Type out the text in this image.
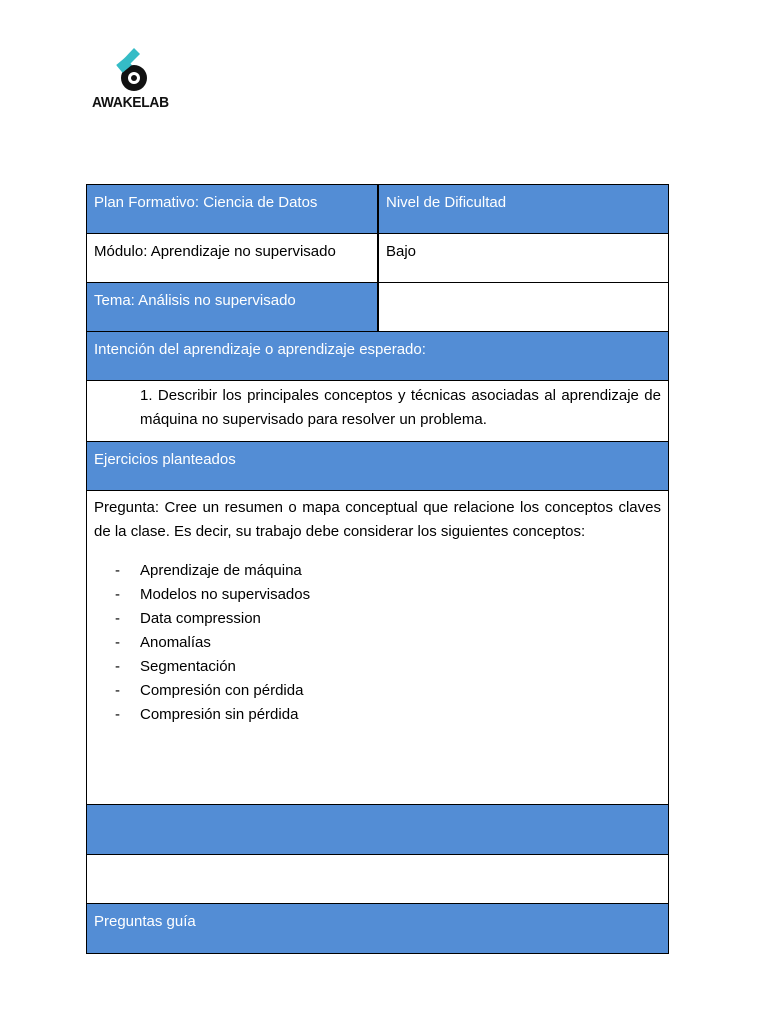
AWAKELAB
Plan Formativo: Ciencia de Datos	Nivel de Dificultad
Módulo: Aprendizaje no supervisado	Bajo
Tema: Análisis no supervisado
Intención del aprendizaje o aprendizaje esperado:
1. Describir los principales conceptos y técnicas asociadas al aprendizaje de máquina no supervisado para resolver un problema.
Ejercicios planteados

Pregunta: Cree un resumen o mapa conceptual que relacione los conceptos claves de la clase. Es decir, su trabajo debe considerar los siguientes conceptos:

- Aprendizaje de máquina
- Modelos no supervisados
- Data compression
- Anomalías
- Segmentación
- Compresión con pérdida
- Compresión sin pérdida
Preguntas guía
